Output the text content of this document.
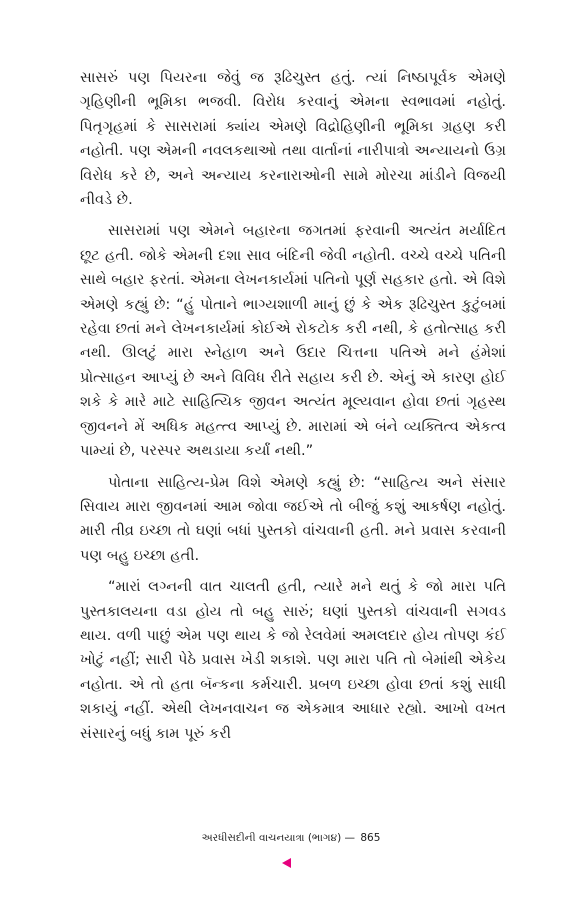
સાસરું પણ પિયરના જેવું જ રૂઢિચુસ્ત હતું. ત્યાં નિષ્ઠાપૂર્વક એમણે ગૃહિણીની ભૂમિકા ભજવી. વિરોધ કરવાનું એમના સ્વભાવમાં નહોતું. પિતૃગૃહમાં કે સાસરામાં ક્યાંય એમણે વિદ્રોહિણીની ભૂમિકા ગ્રહણ કરી નહોતી. પણ એમની નવલકથાઓ તથા વાર્તાનાં નારીપાત્રો અન્યાયનો ઉગ્ર વિરોધ કરે છે, અને અન્યાય કરનારાઓની સામે મોરચા માંડીને વિજયી નીવડે છે.

સાસરામાં પણ એમને બહારના જગતમાં ફરવાની અત્યંત મર્યાદિત છૂટ હતી. જોકે એમની દશા સાવ બંદિની જેવી નહોતી. વચ્ચે વચ્ચે પતિની સાથે બહાર ફરતાં. એમના લેખનકાર્યમાં પતિનો પૂર્ણ સહકાર હતો. એ વિશે એમણે કહ્યું છે: “હું પોતાને ભાગ્યશાળી માનું છું કે એક રૂઢિચુસ્ત કુટુંબમાં રહેવા છતાં મને લેખનકાર્યમાં કોઈએ રોકટોક કરી નથી, કે હતોત્સાહ કરી નથી. ઊલટું મારા સ્નેહાળ અને ઉદાર ચિત્તના પતિએ મને હંમેશાં પ્રોત્સાહન આપ્યું છે અને વિવિધ રીતે સહાય કરી છે. એનું એ કારણ હોઈ શકે કે મારે માટે સાહિત્યિક જીવન અત્યંત મૂલ્યવાન હોવા છતાં ગૃહસ્થ જીવનને મેં અધિક મહત્ત્વ આપ્યું છે. મારામાં એ બંને વ્યક્તિત્વ એકત્વ પામ્યાં છે, પરસ્પર અથડાયા કર્યાં નથી.”

પોતાના સાહિત્ય-પ્રેમ વિશે એમણે કહ્યું છે: “સાહિત્ય અને સંસાર સિવાય મારા જીવનમાં આમ જોવા જઈએ તો બીજું કશું આકર્ષણ નહોતું. મારી તીવ્ર ઇચ્છા તો ઘણાં બધાં પુસ્તકો વાંચવાની હતી. મને પ્રવાસ કરવાની પણ બહુ ઇચ્છા હતી.

“મારાં લગ્નની વાત ચાલતી હતી, ત્યારે મને થતું કે જો મારા પતિ પુસ્તકાલયના વડા હોય તો બહુ સારું; ઘણાં પુસ્તકો વાંચવાની સગવડ થાય. વળી પાછું એમ પણ થાય કે જો રેલવેમાં અમલદાર હોય તોપણ કંઈ ખોટું નહીં; સારી પેઠે પ્રવાસ ખેડી શકાશે. પણ મારા પતિ તો બેમાંથી એકેય નહોતા. એ તો હતા બૅન્કના કર્મચારી. પ્રબળ ઇચ્છા હોવા છતાં કશું સાધી શકાયું નહીં. એથી લેખનવાચન જ એકમાત્ર આધાર રહ્યો. આખો વખત સંસારનું બધું કામ પૂરું કરી

અરધીસદીની વાચનયાત્રા (ભાગ૪) — 865
